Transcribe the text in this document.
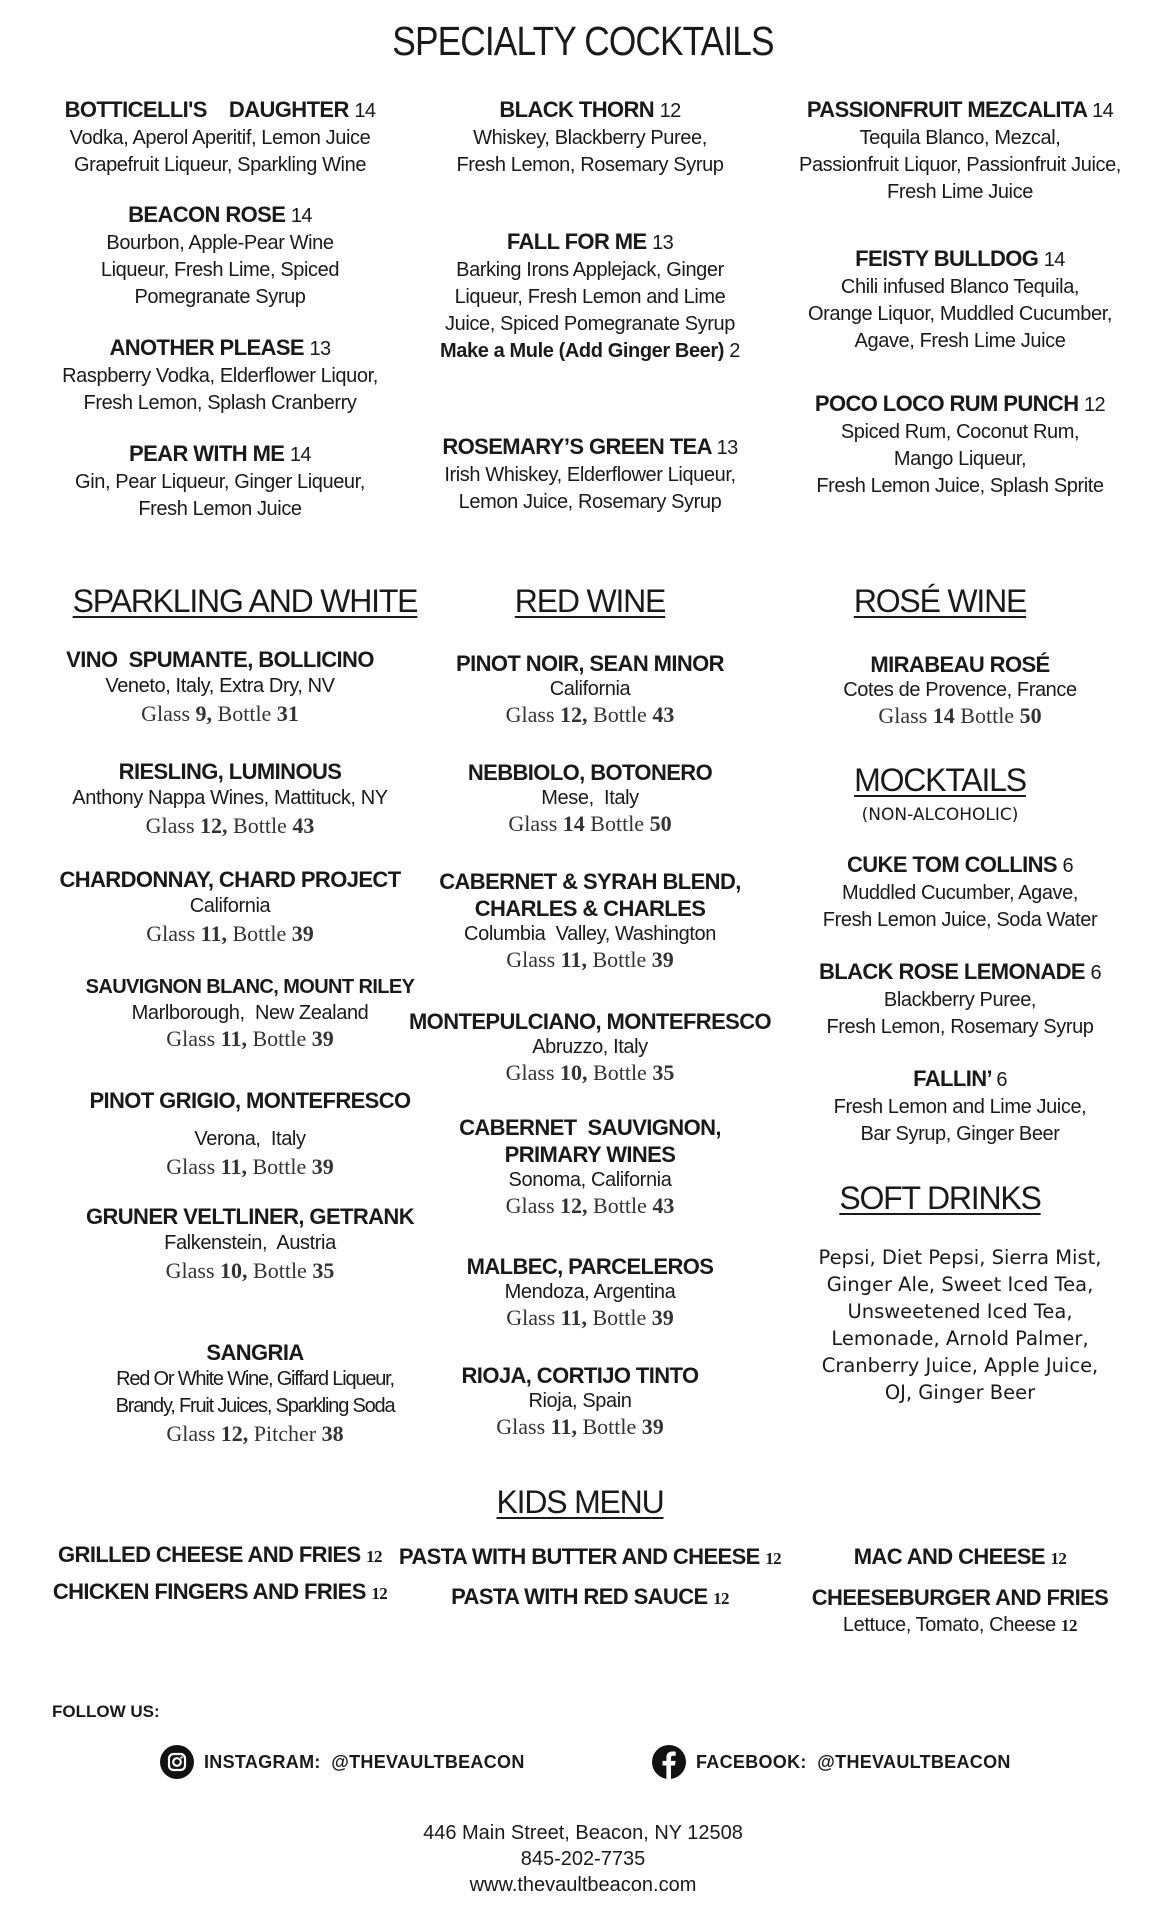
SPECIALTY COCKTAILS
BOTTICELLI'S    DAUGHTER 14
Vodka, Aperol Aperitif, Lemon Juice
Grapefruit Liqueur, Sparkling Wine
BEACON ROSE 14
Bourbon, Apple-Pear Wine
Liqueur, Fresh Lime, Spiced
Pomegranate Syrup
ANOTHER PLEASE 13
Raspberry Vodka, Elderflower Liquor,
Fresh Lemon, Splash Cranberry
PEAR WITH ME 14
Gin, Pear Liqueur, Ginger Liqueur,
Fresh Lemon Juice
BLACK THORN 12
Whiskey, Blackberry Puree,
Fresh Lemon, Rosemary Syrup
FALL FOR ME 13
Barking Irons Applejack, Ginger
Liqueur, Fresh Lemon and Lime
Juice, Spiced Pomegranate Syrup
Make a Mule (Add Ginger Beer) 2
ROSEMARY’S GREEN TEA 13
Irish Whiskey, Elderflower Liqueur,
Lemon Juice, Rosemary Syrup
PASSIONFRUIT MEZCALITA 14
Tequila Blanco, Mezcal,
Passionfruit Liquor, Passionfruit Juice,
Fresh Lime Juice
FEISTY BULLDOG 14
Chili infused Blanco Tequila,
Orange Liquor, Muddled Cucumber,
Agave, Fresh Lime Juice
POCO LOCO RUM PUNCH 12
Spiced Rum, Coconut Rum,
Mango Liqueur,
Fresh Lemon Juice, Splash Sprite
SPARKLING AND WHITE
VINO  SPUMANTE, BOLLICINO
Veneto, Italy, Extra Dry, NV
Glass 9, Bottle 31
RIESLING, LUMINOUS
Anthony Nappa Wines, Mattituck, NY
Glass 12, Bottle 43
CHARDONNAY, CHARD PROJECT
California
Glass 11, Bottle 39
SAUVIGNON BLANC, MOUNT RILEY
Marlborough,  New Zealand
Glass 11, Bottle 39
PINOT GRIGIO, MONTEFRESCO
Verona,  Italy
Glass 11, Bottle 39
GRUNER VELTLINER, GETRANK
Falkenstein,  Austria
Glass 10, Bottle 35
SANGRIA
Red Or White Wine, Giffard Liqueur,
Brandy, Fruit Juices, Sparkling Soda
Glass 12, Pitcher 38
RED WINE
PINOT NOIR, SEAN MINOR
California
Glass 12, Bottle 43
NEBBIOLO, BOTONERO
Mese,  Italy
Glass 14 Bottle 50
CABERNET & SYRAH BLEND,
CHARLES & CHARLES
Columbia  Valley, Washington
Glass 11, Bottle 39
MONTEPULCIANO, MONTEFRESCO
Abruzzo, Italy
Glass 10, Bottle 35
CABERNET  SAUVIGNON,
PRIMARY WINES
Sonoma, California
Glass 12, Bottle 43
MALBEC, PARCELEROS
Mendoza, Argentina
Glass 11, Bottle 39
RIOJA, CORTIJO TINTO
Rioja, Spain
Glass 11, Bottle 39
ROSÉ WINE
MIRABEAU ROSÉ
Cotes de Provence, France
Glass 14 Bottle 50
MOCKTAILS
(NON-ALCOHOLIC)
CUKE TOM COLLINS 6
Muddled Cucumber, Agave,
Fresh Lemon Juice, Soda Water
BLACK ROSE LEMONADE 6
Blackberry Puree,
Fresh Lemon, Rosemary Syrup
FALLIN’ 6
Fresh Lemon and Lime Juice,
Bar Syrup, Ginger Beer
SOFT DRINKS
Pepsi, Diet Pepsi, Sierra Mist,
Ginger Ale, Sweet Iced Tea,
Unsweetened Iced Tea,
Lemonade, Arnold Palmer,
Cranberry Juice, Apple Juice,
OJ, Ginger Beer
KIDS MENU
GRILLED CHEESE AND FRIES 12
CHICKEN FINGERS AND FRIES 12
PASTA WITH BUTTER AND CHEESE 12
PASTA WITH RED SAUCE 12
MAC AND CHEESE 12
CHEESEBURGER AND FRIES
Lettuce, Tomato, Cheese 12
FOLLOW US:
INSTAGRAM:  @THEVAULTBEACON	FACEBOOK:  @THEVAULTBEACON
446 Main Street, Beacon, NY 12508
845-202-7735
www.thevaultbeacon.com
